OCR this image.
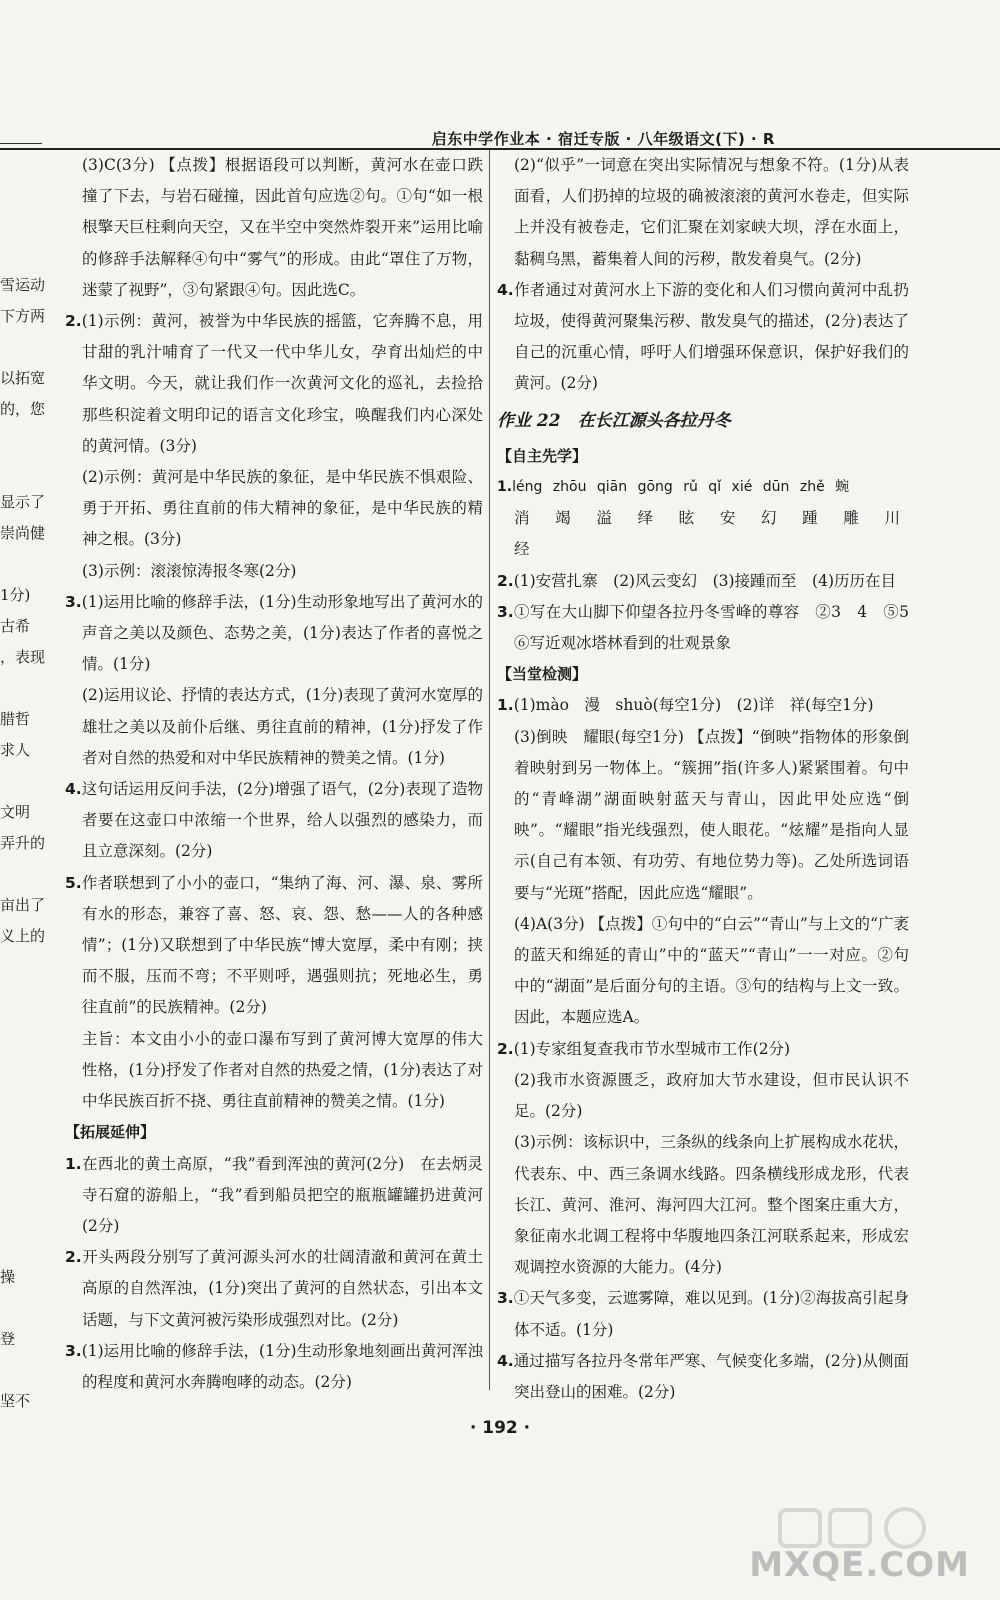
启东中学作业本 · 宿迁专版 · 八年级语文(下) · R
雪运动
下方两
以拓宽
的，您
显示了
崇尚健
1分)
古希
，表现
腊哲
求人
文明
弄升的
亩出了
义上的
操
登
坚不
(3)C(3分) 【点拨】根据语段可以判断，黄河水在壶口跌撞了下去，与岩石碰撞，因此首句应选②句。①句“如一根根擎天巨柱剩向天空，又在半空中突然炸裂开来”运用比喻的修辞手法解释④句中“雾气”的形成。由此“罩住了万物，迷蒙了视野”，③句紧跟④句。因此选C。
2.(1)示例：黄河，被誉为中华民族的摇篮，它奔腾不息，用甘甜的乳汁哺育了一代又一代中华儿女，孕育出灿烂的中华文明。今天，就让我们作一次黄河文化的巡礼，去捡拾那些积淀着文明印记的语言文化珍宝，唤醒我们内心深处的黄河情。(3分)
(2)示例：黄河是中华民族的象征，是中华民族不惧艰险、勇于开拓、勇往直前的伟大精神的象征，是中华民族的精神之根。(3分)
(3)示例：滚滚惊涛报冬寒(2分)
3.(1)运用比喻的修辞手法，(1分)生动形象地写出了黄河水的声音之美以及颜色、态势之美，(1分)表达了作者的喜悦之情。(1分)
(2)运用议论、抒情的表达方式，(1分)表现了黄河水宽厚的雄壮之美以及前仆后继、勇往直前的精神，(1分)抒发了作者对自然的热爱和对中华民族精神的赞美之情。(1分)
4.这句话运用反问手法，(2分)增强了语气，(2分)表现了造物者要在这壶口中浓缩一个世界，给人以强烈的感染力，而且立意深刻。(2分)
5.作者联想到了小小的壶口，“集纳了海、河、瀑、泉、雾所有水的形态，兼容了喜、怒、哀、怨、愁——人的各种感情”；(1分)又联想到了中华民族“博大宽厚，柔中有刚；挟而不服，压而不弯；不平则呼，遇强则抗；死地必生，勇往直前”的民族精神。(2分)
主旨：本文由小小的壶口瀑布写到了黄河博大宽厚的伟大性格，(1分)抒发了作者对自然的热爱之情，(1分)表达了对中华民族百折不挠、勇往直前精神的赞美之情。(1分)
【拓展延伸】
1.在西北的黄土高原，“我”看到浑浊的黄河(2分)　在去炳灵寺石窟的游船上，“我”看到船员把空的瓶瓶罐罐扔进黄河(2分)
2.开头两段分别写了黄河源头河水的壮阔清澈和黄河在黄土高原的自然浑浊，(1分)突出了黄河的自然状态，引出本文话题，与下文黄河被污染形成强烈对比。(2分)
3.(1)运用比喻的修辞手法，(1分)生动形象地刻画出黄河浑浊的程度和黄河水奔腾咆哮的动态。(2分)
(2)“似乎”一词意在突出实际情况与想象不符。(1分)从表面看，人们扔掉的垃圾的确被滚滚的黄河水卷走，但实际上并没有被卷走，它们汇聚在刘家峡大坝，浮在水面上，黏稠乌黑，蓄集着人间的污秽，散发着臭气。(2分)
4.作者通过对黄河水上下游的变化和人们习惯向黄河中乱扔垃圾，使得黄河聚集污秽、散发臭气的描述，(2分)表达了自己的沉重心情，呼吁人们增强环保意识，保护好我们的黄河。(2分)
作业 22　在长江源头各拉丹冬
【自主先学】
1.léng zhōu qiān gōng rǔ qǐ xié dūn zhě 蜿
消 竭 溢 绎 眩 安 幻 踵 雕 川 经
2.(1)安营扎寨　(2)风云变幻　(3)接踵而至　(4)历历在目
3.①写在大山脚下仰望各拉丹冬雪峰的尊容　②3　4　⑤5　⑥写近观冰塔林看到的壮观景象
【当堂检测】
1.(1)mào　漫　shuò(每空1分)　(2)详　祥(每空1分)
(3)倒映　耀眼(每空1分) 【点拨】“倒映”指物体的形象倒着映射到另一物体上。“簇拥”指(许多人)紧紧围着。句中的“青峰湖”湖面映射蓝天与青山，因此甲处应选“倒映”。“耀眼”指光线强烈，使人眼花。“炫耀”是指向人显示(自己有本领、有功劳、有地位势力等)。乙处所选词语要与“光斑”搭配，因此应选“耀眼”。
(4)A(3分) 【点拨】①句中的“白云”“青山”与上文的“广袤的蓝天和绵延的青山”中的“蓝天”“青山”一一对应。②句中的“湖面”是后面分句的主语。③句的结构与上文一致。因此，本题应选A。
2.(1)专家组复查我市节水型城市工作(2分)
(2)我市水资源匮乏，政府加大节水建设，但市民认识不足。(2分)
(3)示例：该标识中，三条纵的线条向上扩展构成水花状，代表东、中、西三条调水线路。四条横线形成龙形，代表长江、黄河、淮河、海河四大江河。整个图案庄重大方，象征南水北调工程将中华腹地四条江河联系起来，形成宏观调控水资源的大能力。(4分)
3.①天气多变，云遮雾障，难以见到。(1分)②海拔高引起身体不适。(1分)
4.通过描写各拉丹冬常年严寒、气候变化多端，(2分)从侧面突出登山的困难。(2分)
· 192 ·
MXQE.COM
